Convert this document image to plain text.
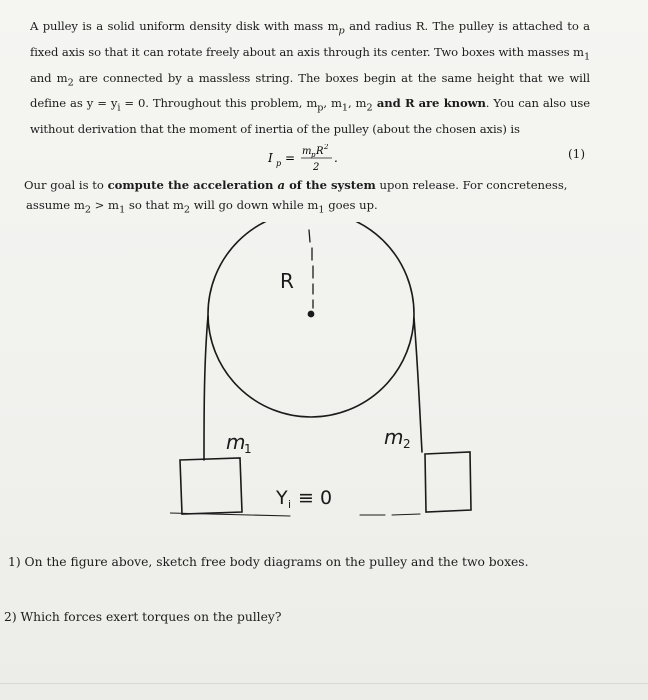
A pulley is a solid uniform density disk with mass $m_p$ and radius R. The pulley is attached to a fixed axis so that it can rotate freely about an axis through its center. Two boxes with masses $m_1$ and $m_2$ are connected by a massless string. The boxes begin at the same height that we will define as $y = y_i = 0$. Throughout this problem, $m_p$, $m_1$, $m_2$ and R are known. You can also use without derivation that the moment of inertia of the pulley (about the chosen axis) is

I p = m p R 2
2
.	(1)

Our goal is to compute the acceleration a of the system upon release. For concreteness,

assume $m_2 > m_1$ so that $m_2$ will go down while $m_1$ goes up.

R
m
1	m 2
Y i ≡ 0
1) On the figure above, sketch free body diagrams on the pulley and the two boxes.
2) Which forces exert torques on the pulley?
